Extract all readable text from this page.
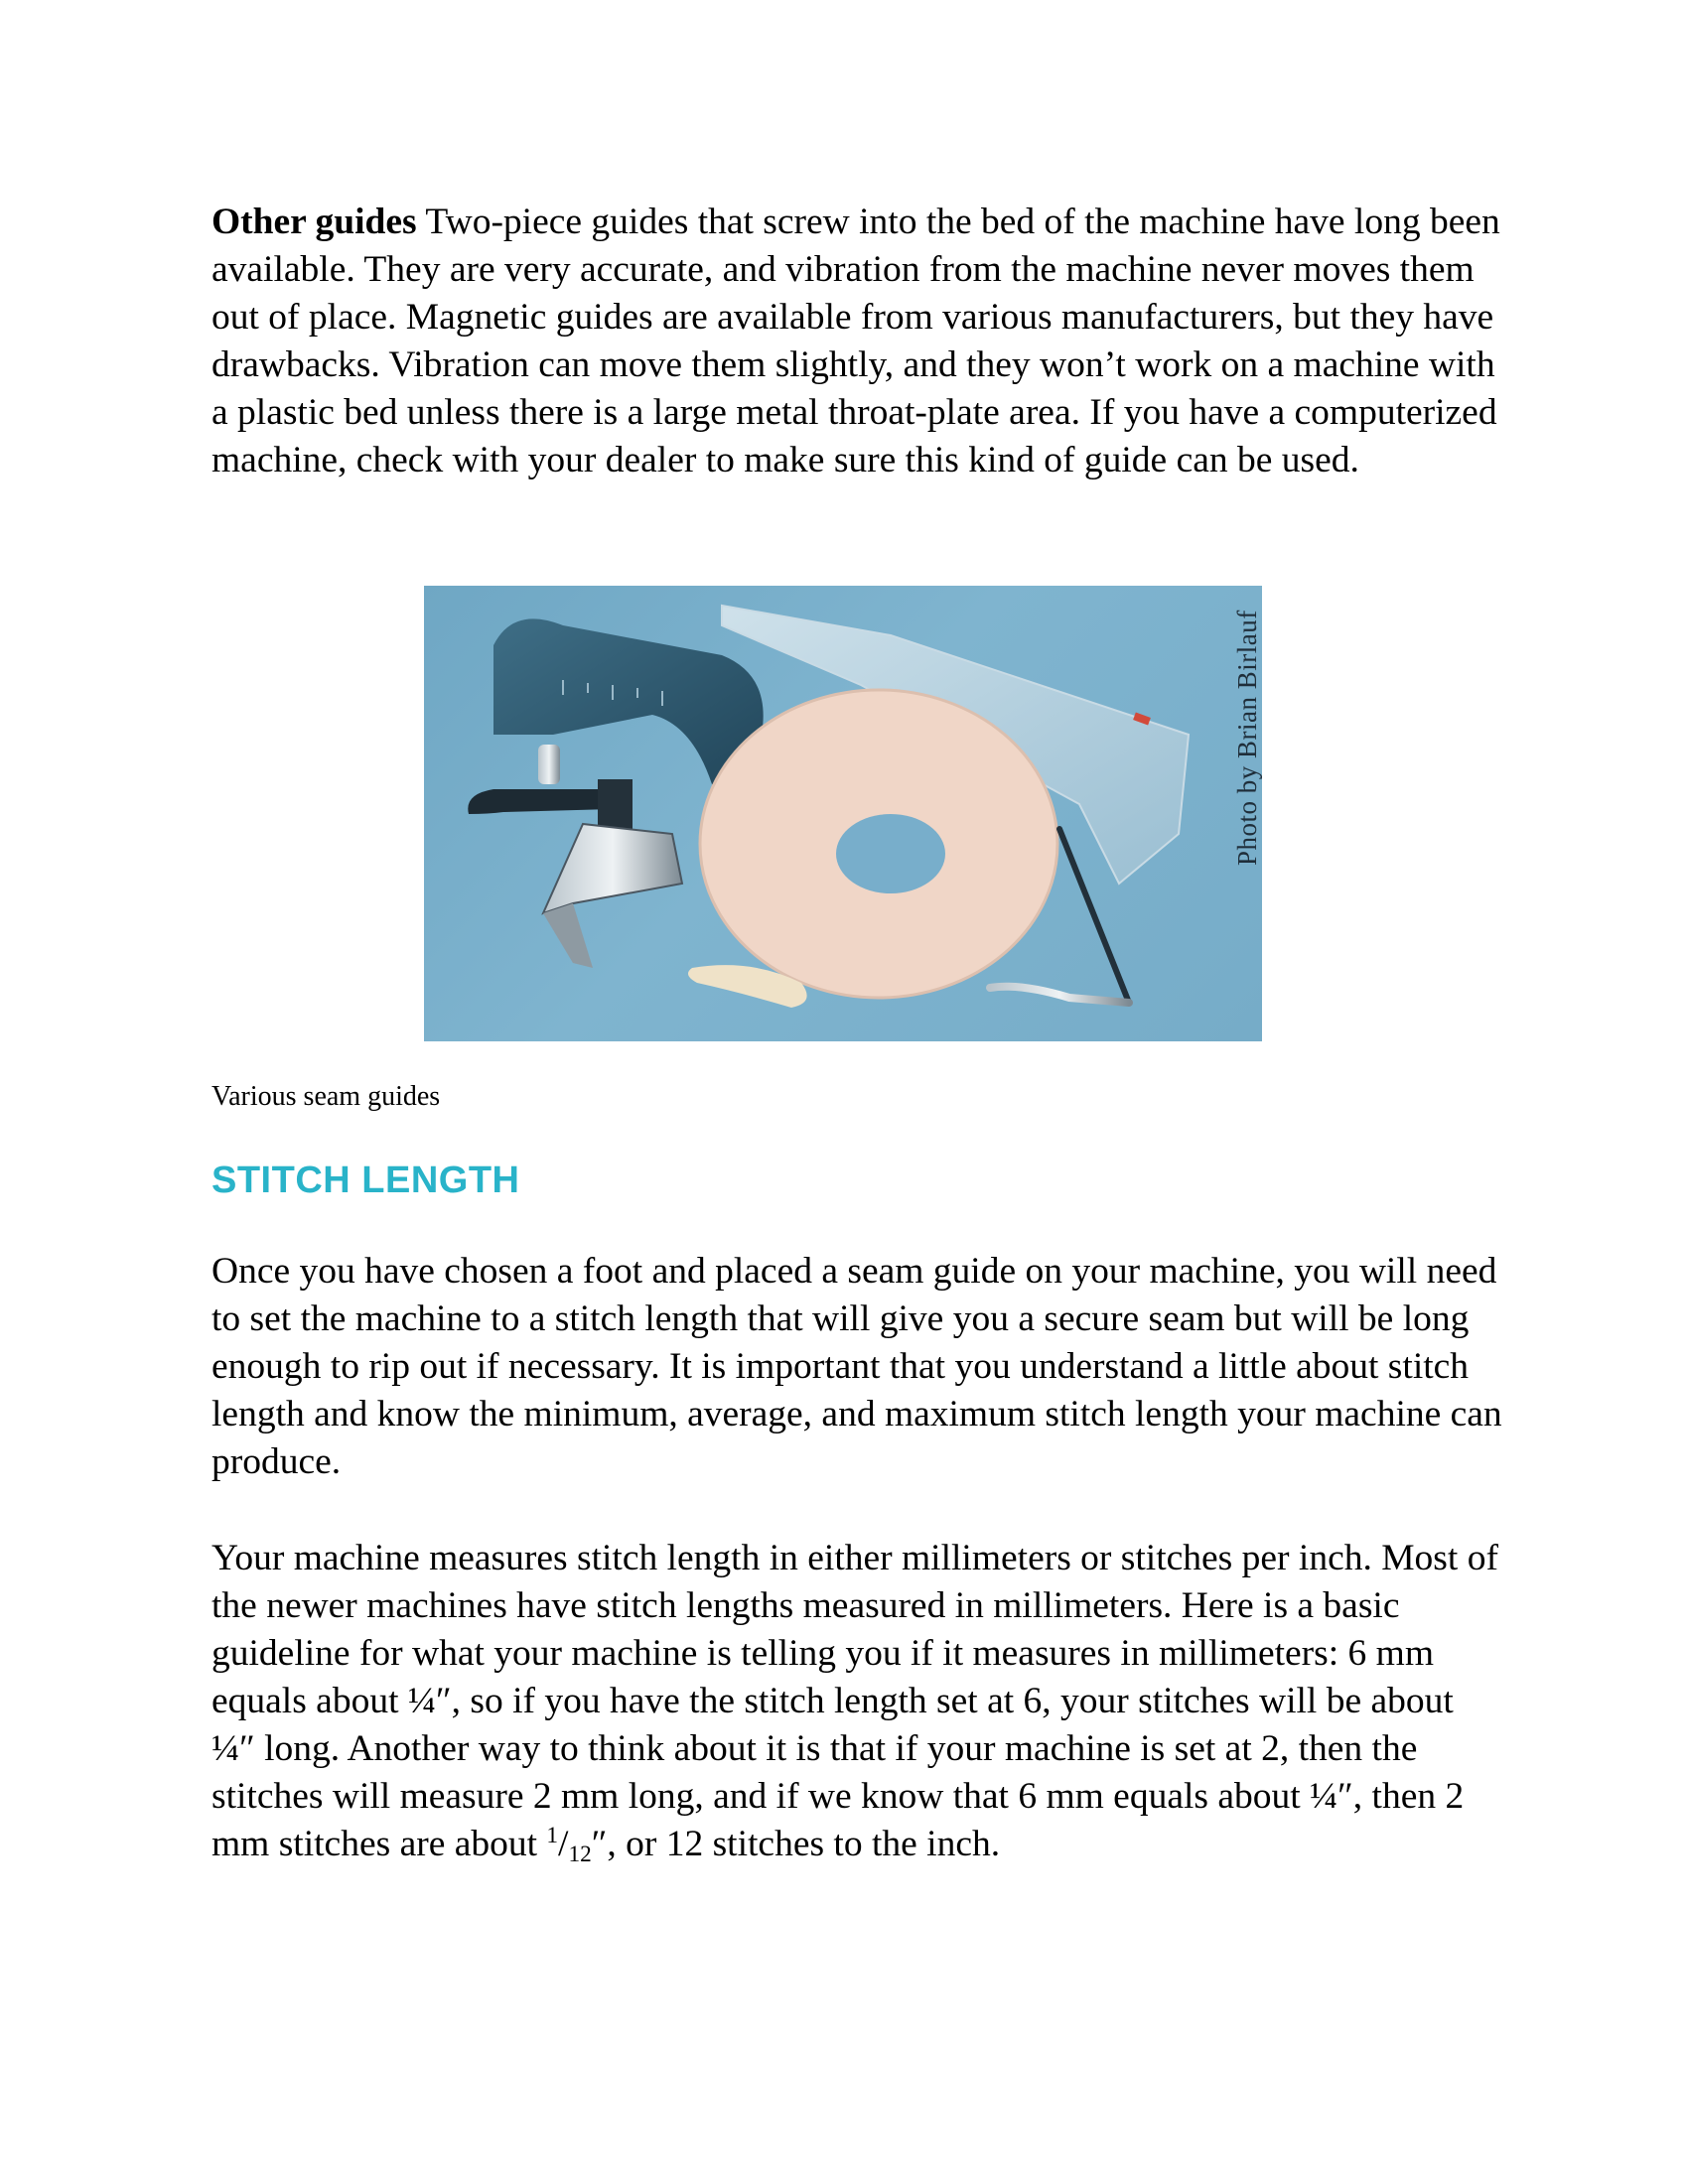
Other guides Two-piece guides that screw into the bed of the machine have long been available. They are very accurate, and vibration from the machine never moves them out of place. Magnetic guides are available from various manufacturers, but they have drawbacks. Vibration can move them slightly, and they won’t work on a machine with a plastic bed unless there is a large metal throat-plate area. If you have a computerized machine, check with your dealer to make sure this kind of guide can be used.

Photo by Brian Birlauf
Various seam guides
STITCH LENGTH

Once you have chosen a foot and placed a seam guide on your machine, you will need to set the machine to a stitch length that will give you a secure seam but will be long enough to rip out if necessary. It is important that you understand a little about stitch length and know the minimum, average, and maximum stitch length your machine can produce.

Your machine measures stitch length in either millimeters or stitches per inch. Most of the newer machines have stitch lengths measured in millimeters. Here is a basic guideline for what your machine is telling you if it measures in millimeters: 6 mm equals about ¼″, so if you have the stitch length set at 6, your stitches will be about ¼″ long. Another way to think about it is that if your machine is set at 2, then the stitches will measure 2 mm long, and if we know that 6 mm equals about ¼″, then 2 mm stitches are about $^1/_{12}''$, or 12 stitches to the inch.
